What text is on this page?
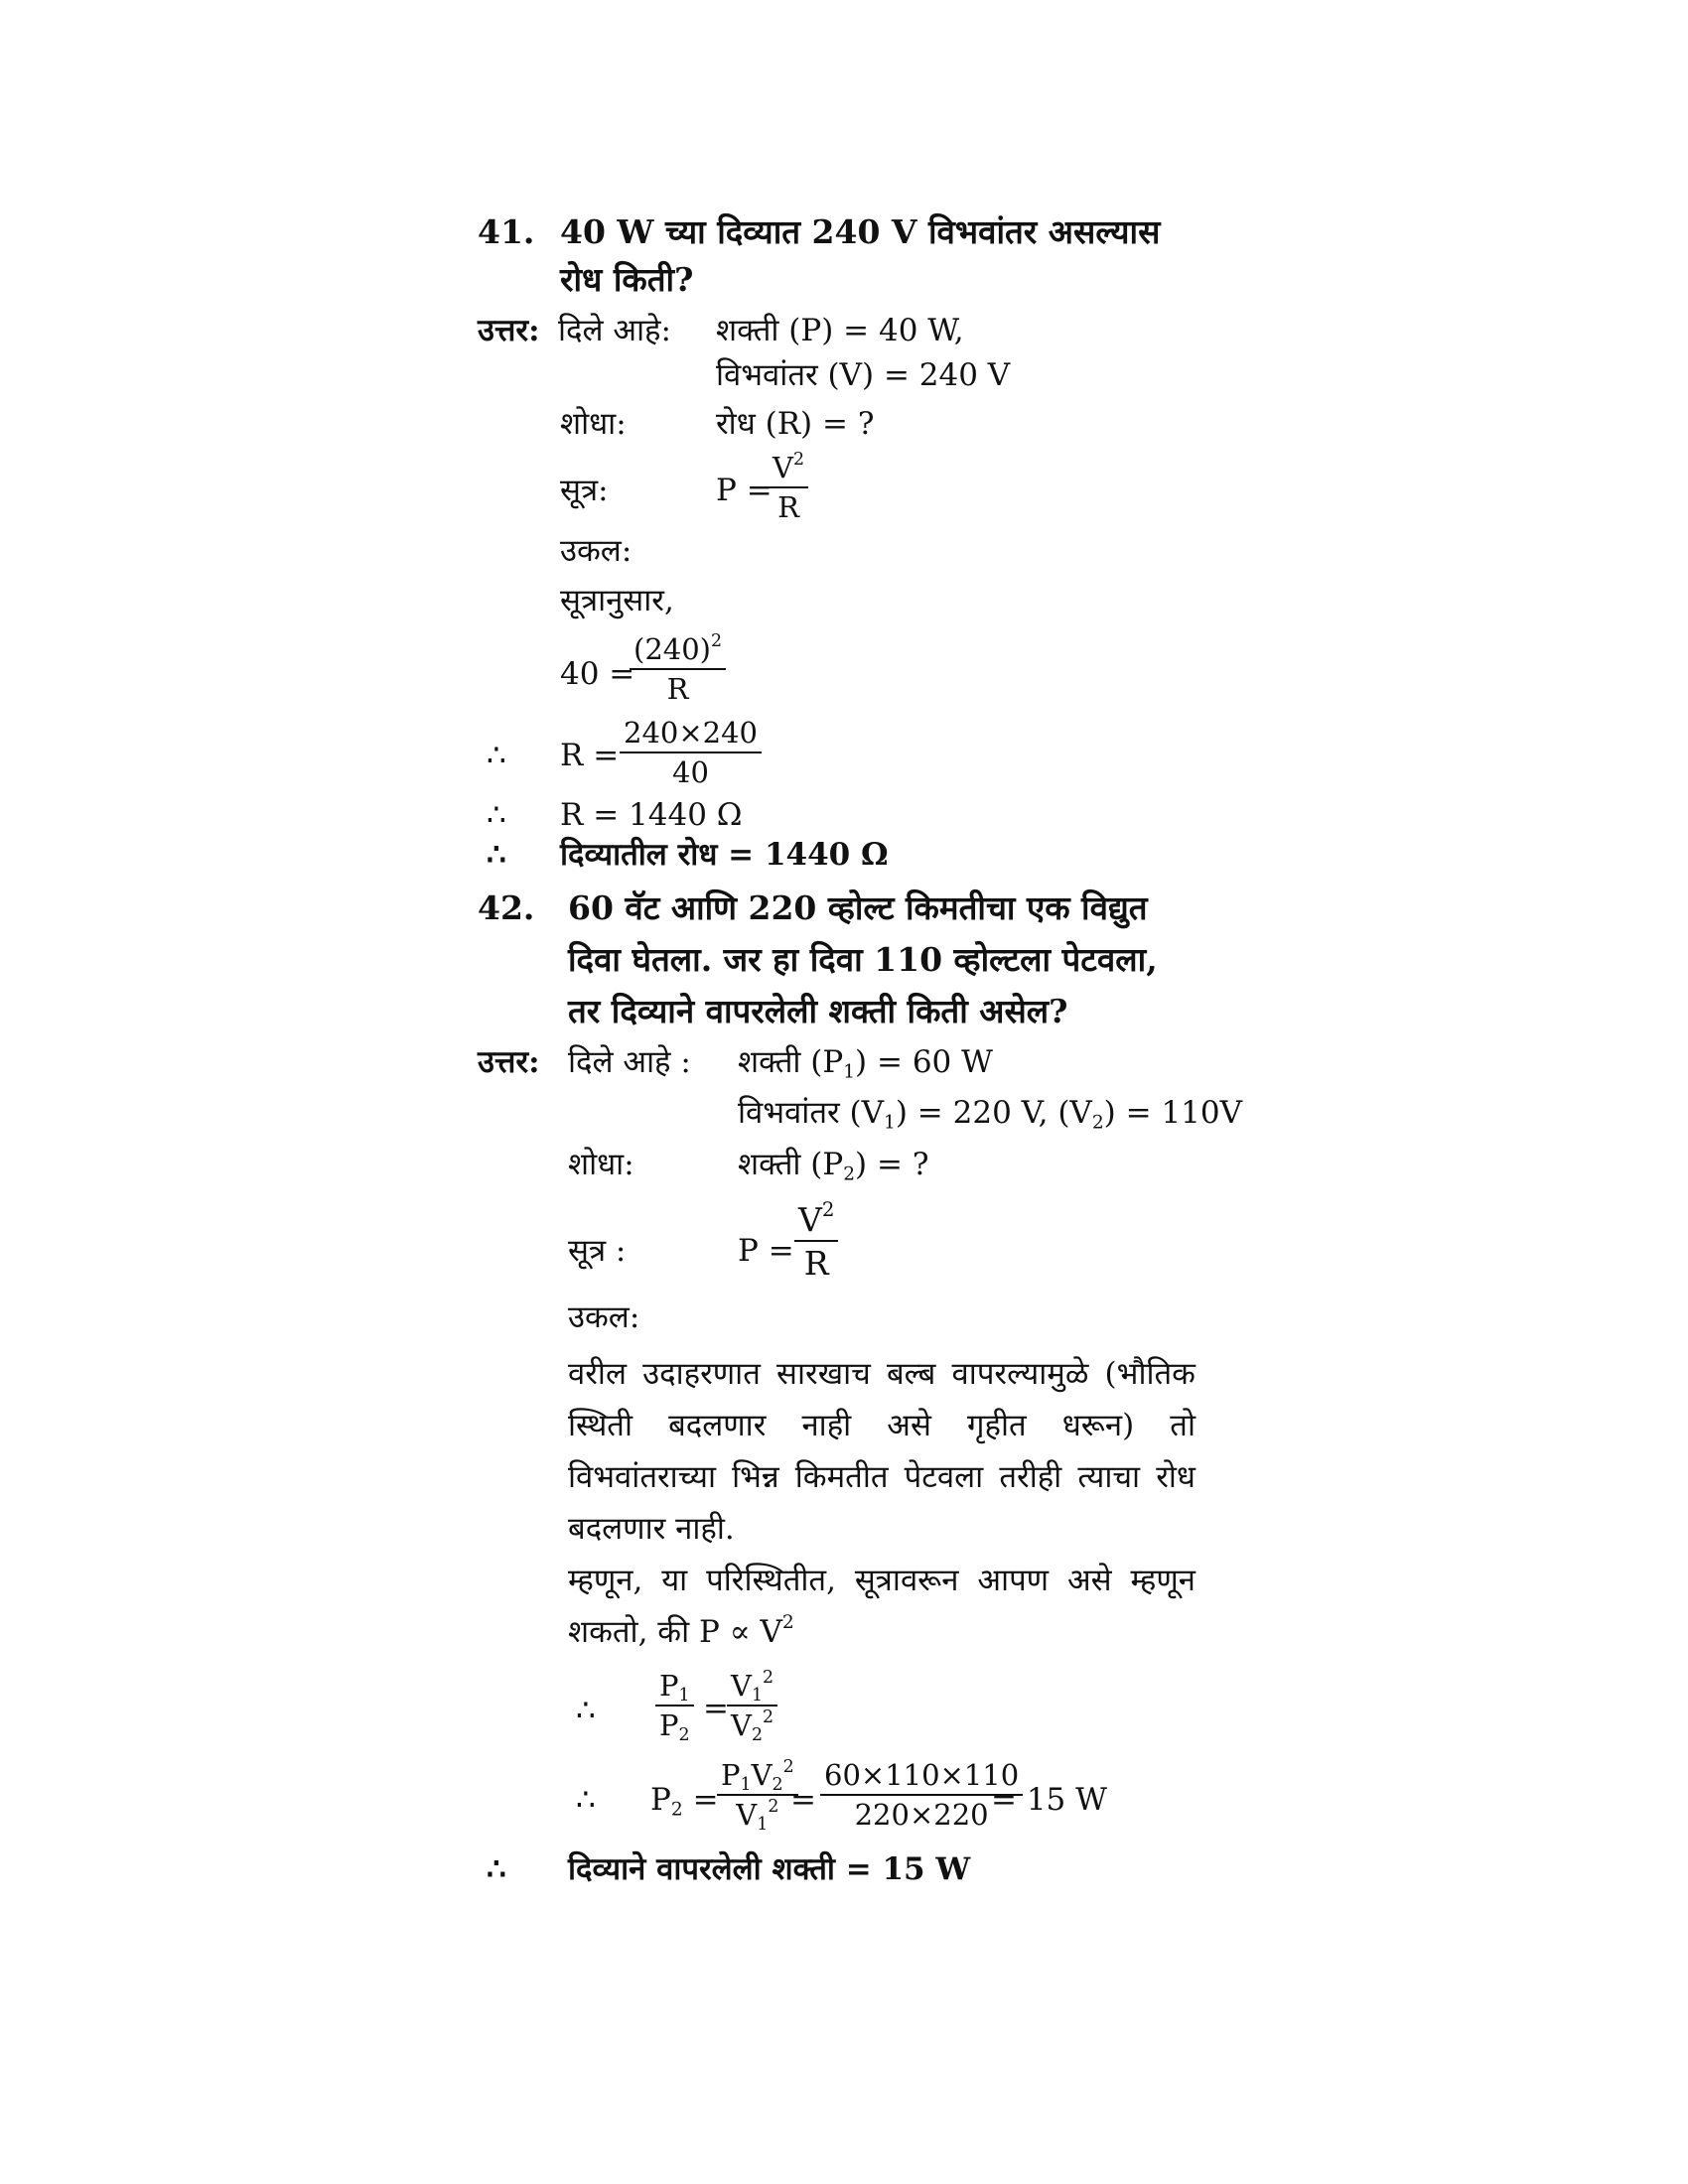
41. 40 W च्या दिव्यात 240 V विभवांतर असल्यास
रोध किती?
उत्तर: दिले आहे: शक्ती (P) = 40 W,
विभवांतर (V) = 240 V
शोधा:	रोध (R) = ?
सूत्र:	P =
$\frac{V^2}{R}$
उकल:
सूत्रानुसार,
40 =
$\frac{(240)^2}{R}$
∴ $R = \frac{240\times 240}{40}$
∴ R = 1440 Ω
∴ दिव्यातील रोध = 1440 Ω
42. 60 वॅट आणि 220 व्होल्ट किमतीचा एक विद्युत
दिवा घेतला. जर हा दिवा 110 व्होल्टला पेटवला,
तर दिव्याने वापरलेली शक्ती किती असेल?
उत्तर: दिले आहे : शक्ती $(P_1) = 60$ W
विभवांतर $(V_1) = 220$ V, $(V_2) = 110V$
शोधा:	शक्ती $(P_2)$ = ?
सूत्र :	$P = \frac{V^2}{R}$
उकल:
वरील उदाहरणात सारखाच बल्ब वापरल्यामुळे (भौतिक स्थिती बदलणार नाही असे गृहीत धरून) तो विभवांतराच्या भिन्न किमतीत पेटवला तरीही त्याचा रोध बदलणार नाही.
म्हणून, या परिस्थितीत, सूत्रावरून आपण असे म्हणून शकतो, की $P \propto V^2$
∴ $\frac{P_1}{P_2}$ =
$\frac{V_1^2}{V_2^2}$
∴ $P_2$ =
$\frac{P_1V_2^2}{V_1^2}$
= $\frac{60\times 110\times 110}{220\times 220}$
= 15 W
∴ दिव्याने वापरलेली शक्ती = 15 W
